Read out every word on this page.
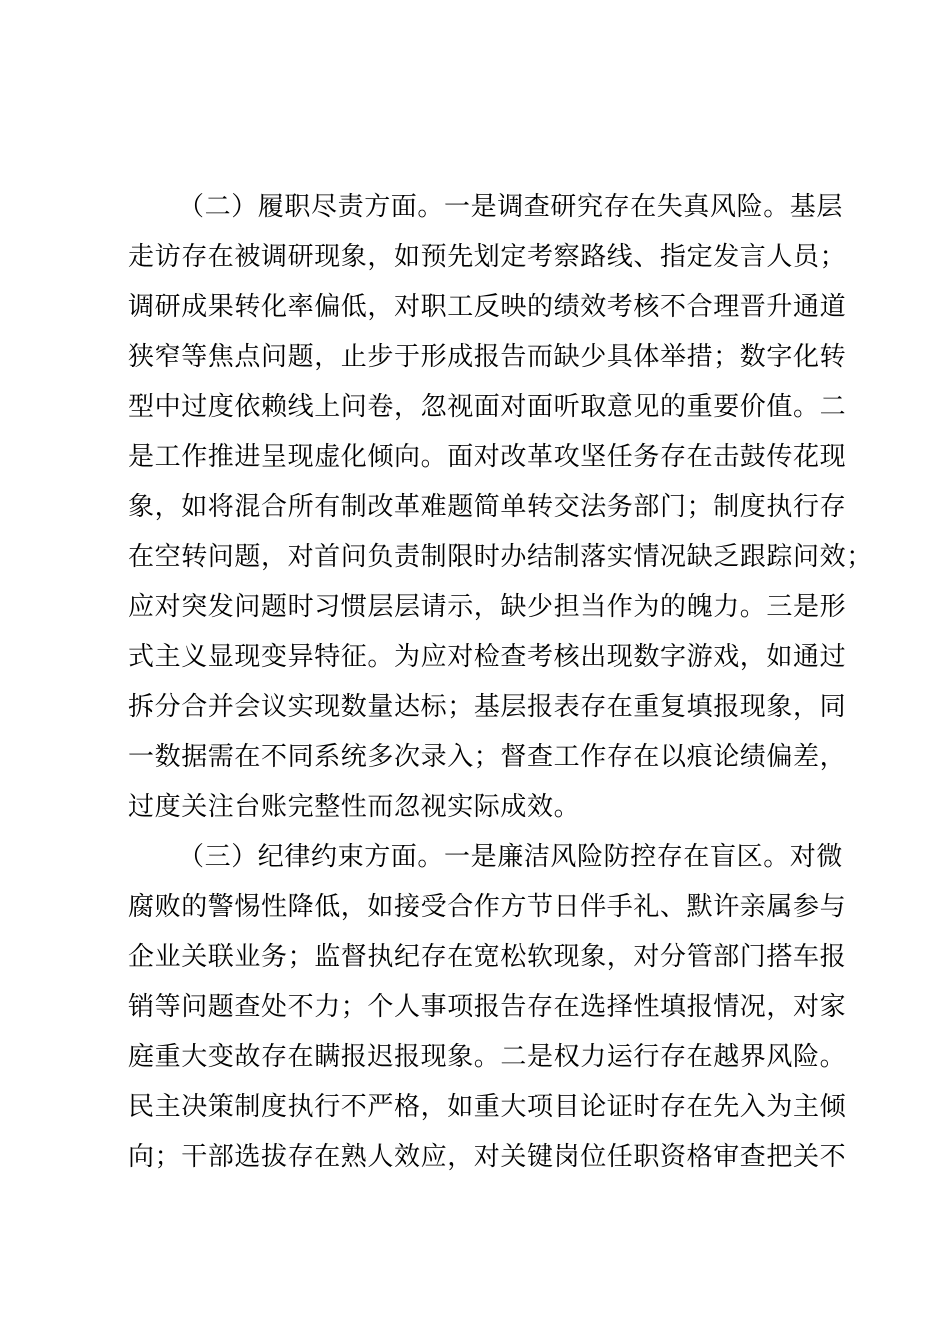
（二）履职尽责方面。一是调查研究存在失真风险。基层
走访存在被调研现象，如预先划定考察路线、指定发言人员；
调研成果转化率偏低，对职工反映的绩效考核不合理晋升通道
狭窄等焦点问题，止步于形成报告而缺少具体举措；数字化转
型中过度依赖线上问卷，忽视面对面听取意见的重要价值。二
是工作推进呈现虚化倾向。面对改革攻坚任务存在击鼓传花现
象，如将混合所有制改革难题简单转交法务部门；制度执行存
在空转问题，对首问负责制限时办结制落实情况缺乏跟踪问效；
应对突发问题时习惯层层请示，缺少担当作为的魄力。三是形
式主义显现变异特征。为应对检查考核出现数字游戏，如通过
拆分合并会议实现数量达标；基层报表存在重复填报现象，同
一数据需在不同系统多次录入；督查工作存在以痕论绩偏差，
过度关注台账完整性而忽视实际成效。
（三）纪律约束方面。一是廉洁风险防控存在盲区。对微
腐败的警惕性降低，如接受合作方节日伴手礼、默许亲属参与
企业关联业务；监督执纪存在宽松软现象，对分管部门搭车报
销等问题查处不力；个人事项报告存在选择性填报情况，对家
庭重大变故存在瞒报迟报现象。二是权力运行存在越界风险。
民主决策制度执行不严格，如重大项目论证时存在先入为主倾
向；干部选拔存在熟人效应，对关键岗位任职资格审查把关不
